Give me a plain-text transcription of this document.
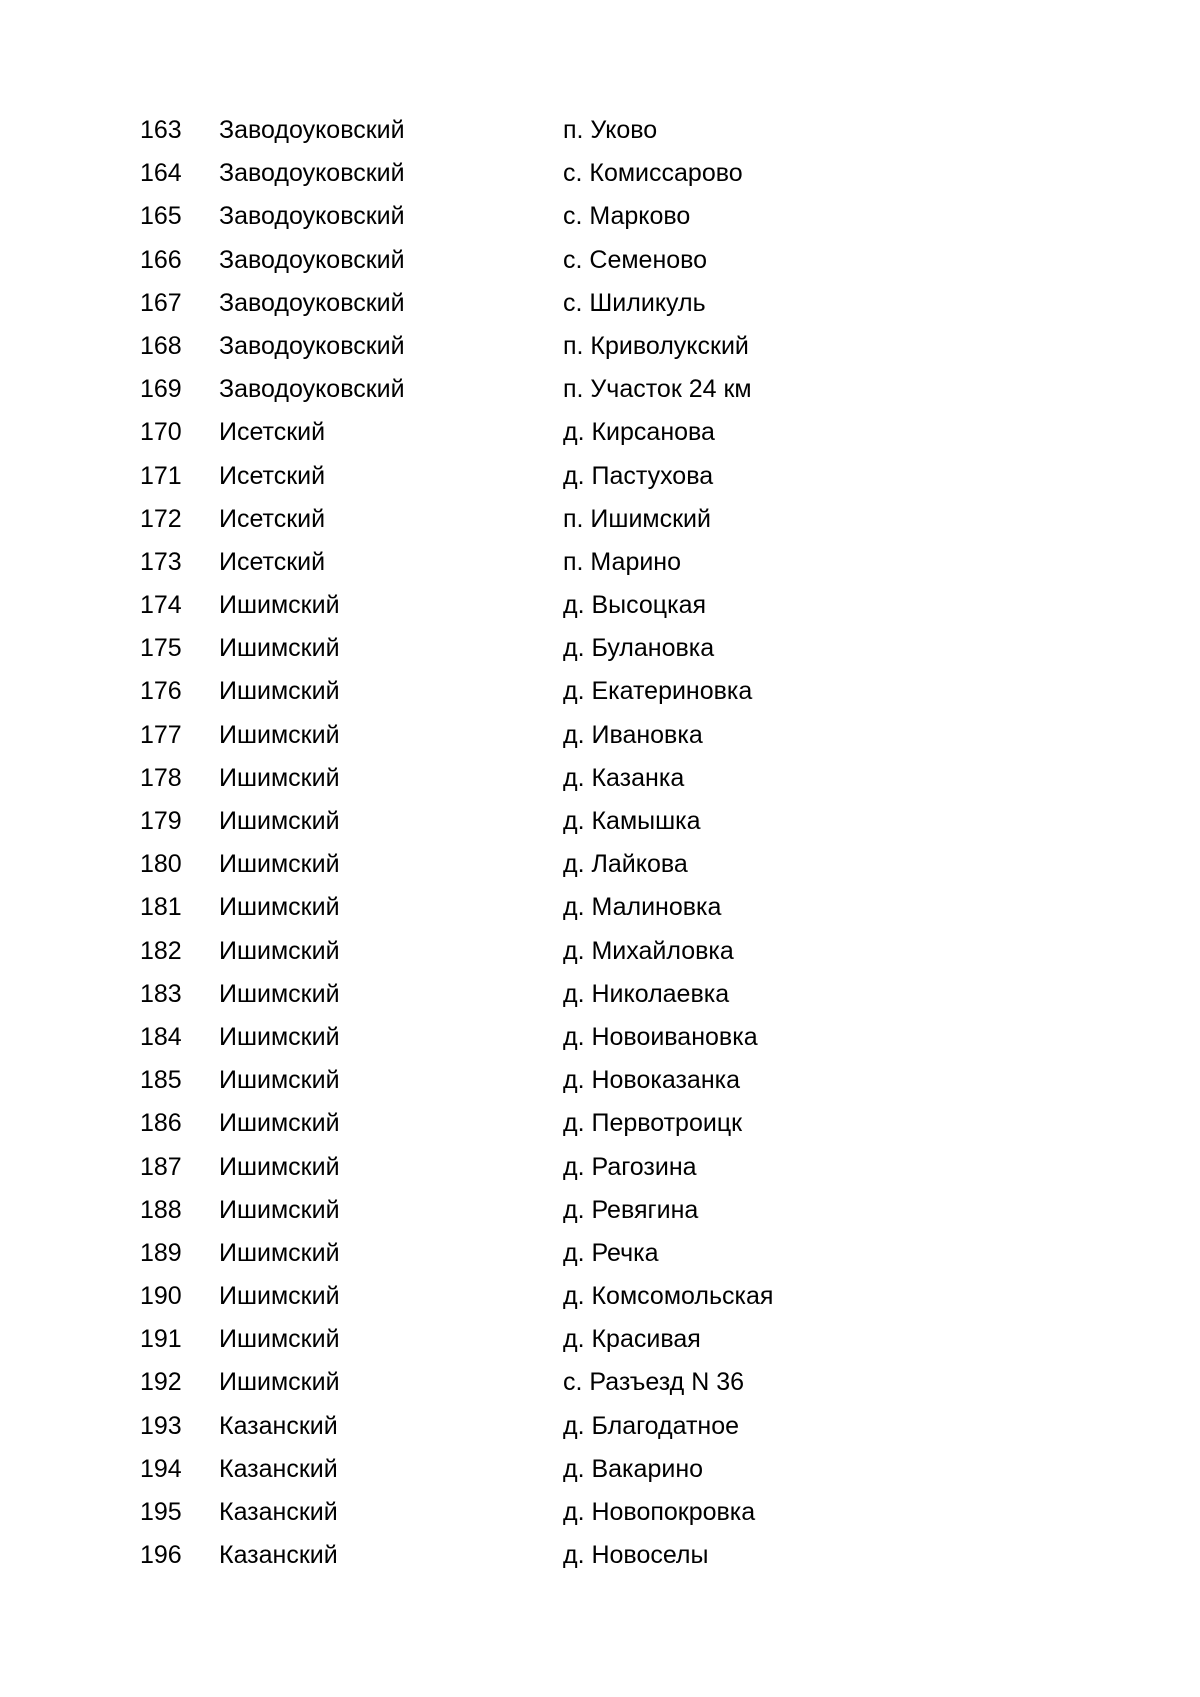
163 Заводоуковский	п. Уково
164 Заводоуковский	с. Комиссарово
165 Заводоуковский	с. Марково
166 Заводоуковский	с. Семеново
167 Заводоуковский	с. Шиликуль
168 Заводоуковский	п. Криволукский
169 Заводоуковский	п. Участок 24 км
170 Исетский	д. Кирсанова
171 Исетский	д. Пастухова
172 Исетский	п. Ишимский
173 Исетский	п. Марино
174 Ишимский	д. Высоцкая
175 Ишимский	д. Булановка
176 Ишимский	д. Екатериновка
177 Ишимский	д. Ивановка
178 Ишимский	д. Казанка
179 Ишимский	д. Камышка
180 Ишимский	д. Лайкова
181 Ишимский	д. Малиновка
182 Ишимский	д. Михайловка
183 Ишимский	д. Николаевка
184 Ишимский	д. Новоивановка
185 Ишимский	д. Новоказанка
186 Ишимский	д. Первотроицк
187 Ишимский	д. Рагозина
188 Ишимский	д. Ревягина
189 Ишимский	д. Речка
190 Ишимский	д. Комсомольская
191 Ишимский	д. Красивая
192 Ишимский	с. Разъезд N 36
193 Казанский	д. Благодатное
194 Казанский	д. Вакарино
195 Казанский	д. Новопокровка
196 Казанский	д. Новоселы
